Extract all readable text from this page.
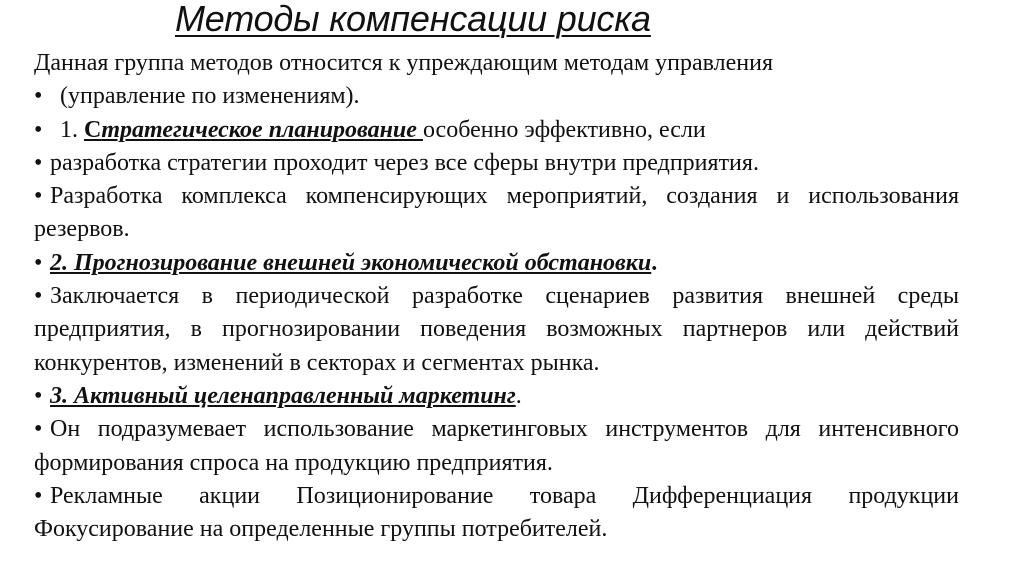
Методы компенсации риска

Данная группа методов относится к упреждающим методам управления

• (управление по изменениям).

• 1. Стратегическое планирование особенно эффективно, если

• разработка стратегии проходит через все сферы внутри предприятия.

• Разработка комплекса компенсирующих мероприятий, создания и использования резервов.

• 2. Прогнозирование внешней экономической обстановки.

• Заключается в периодической разработке сценариев развития внешней среды предприятия, в прогнозировании поведения возможных партнеров или действий конкурентов, изменений в секторах и сегментах рынка.

• 3. Активный целенаправленный маркетинг.

• Он подразумевает использование маркетинговых инструментов для интенсивного формирования спроса на продукцию предприятия.

• Рекламные акции Позиционирование товара Дифференциация продукции Фокусирование на определенные группы потребителей.
